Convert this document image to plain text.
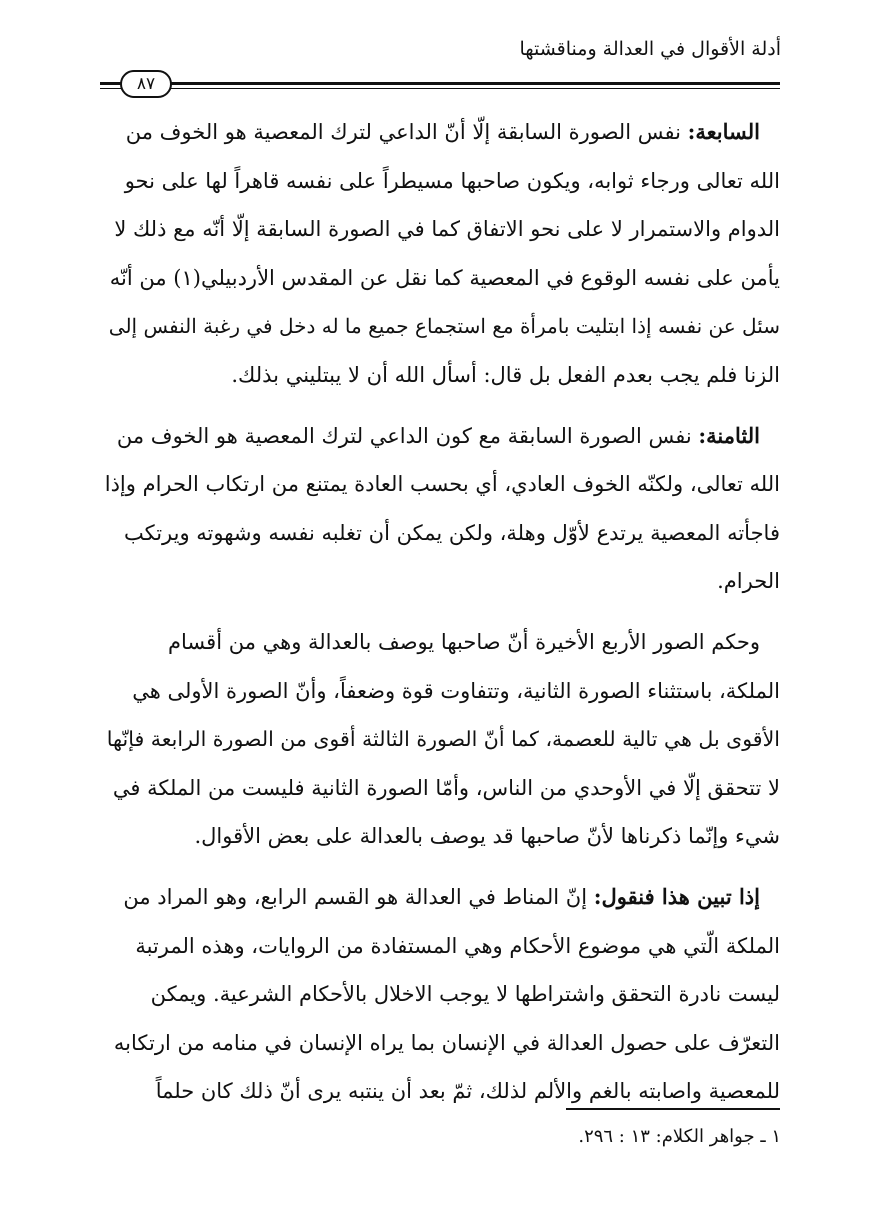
أدلة الأقوال في العدالة ومناقشتها
٨٧

السابعة: نفس الصورة السابقة إلّا أنّ الداعي لترك المعصية هو الخوف من
الله تعالى ورجاء ثوابه، ويكون صاحبها مسيطراً على نفسه قاهراً لها على نحو
الدوام والاستمرار لا على نحو الاتفاق كما في الصورة السابقة إلّا أنّه مع ذلك لا
يأمن على نفسه الوقوع في المعصية كما نقل عن المقدس الأردبيلي(١) من أنّه
سئل عن نفسه إذا ابتليت بامرأة مع استجماع جميع ما له دخل في رغبة النفس إلى
الزنا فلم يجب بعدم الفعل بل قال: أسأل الله أن لا يبتليني بذلك.

الثامنة: نفس الصورة السابقة مع كون الداعي لترك المعصية هو الخوف من
الله تعالى، ولكنّه الخوف العادي، أي بحسب العادة يمتنع من ارتكاب الحرام وإذا
فاجأته المعصية يرتدع لأوّل وهلة، ولكن يمكن أن تغلبه نفسه وشهوته ويرتكب
الحرام.

وحكم الصور الأربع الأخيرة أنّ صاحبها يوصف بالعدالة وهي من أقسام
الملكة، باستثناء الصورة الثانية، وتتفاوت قوة وضعفاً، وأنّ الصورة الأولى هي
الأقوى بل هي تالية للعصمة، كما أنّ الصورة الثالثة أقوى من الصورة الرابعة فإنّها
لا تتحقق إلّا في الأوحدي من الناس، وأمّا الصورة الثانية فليست من الملكة في
شيء وإنّما ذكرناها لأنّ صاحبها قد يوصف بالعدالة على بعض الأقوال.

إذا تبين هذا فنقول: إنّ المناط في العدالة هو القسم الرابع، وهو المراد من
الملكة الّتي هي موضوع الأحكام وهي المستفادة من الروايات، وهذه المرتبة
ليست نادرة التحقق واشتراطها لا يوجب الاخلال بالأحكام الشرعية. ويمكن
التعرّف على حصول العدالة في الإنسان بما يراه الإنسان في منامه من ارتكابه
للمعصية واصابته بالغم والألم لذلك، ثمّ بعد أن ينتبه يرى أنّ ذلك كان حلماً

١ ـ جواهر الكلام: ١٣ : ٢٩٦.
